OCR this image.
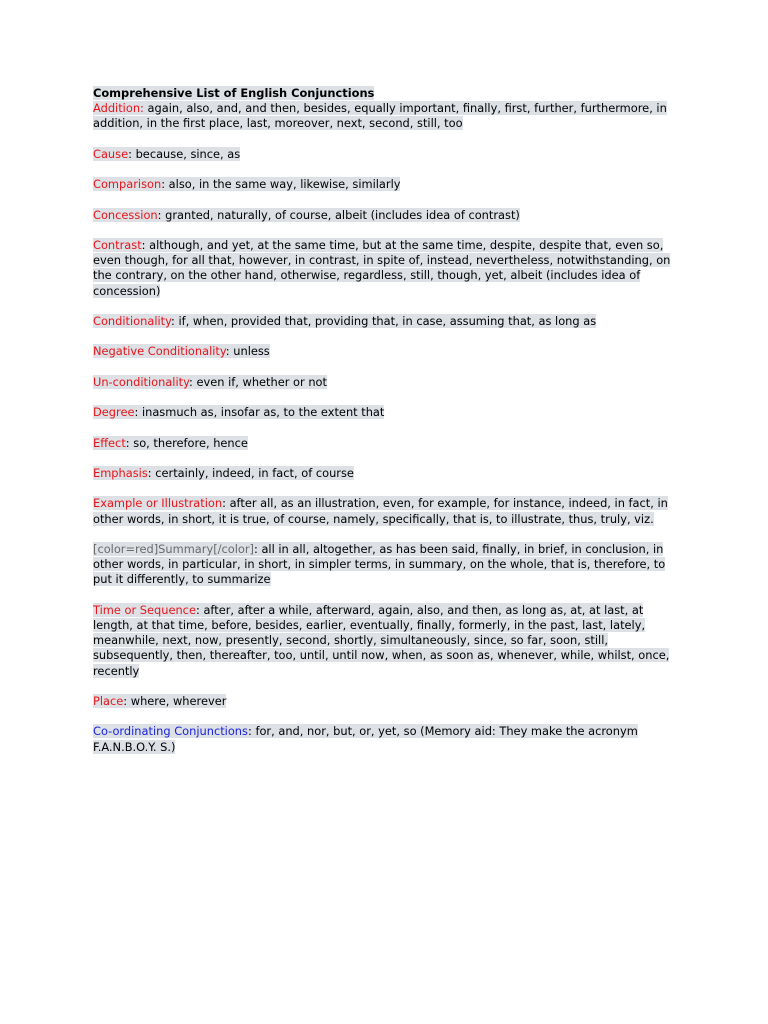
Comprehensive List of English Conjunctions

Addition: again, also, and, and then, besides, equally important, finally, first, further, furthermore, in addition, in the first place, last, moreover, next, second, still, too

Cause: because, since, as

Comparison: also, in the same way, likewise, similarly

Concession: granted, naturally, of course, albeit (includes idea of contrast)

Contrast: although, and yet, at the same time, but at the same time, despite, despite that, even so, even though, for all that, however, in contrast, in spite of, instead, nevertheless, notwithstanding, on the contrary, on the other hand, otherwise, regardless, still, though, yet, albeit (includes idea of concession)

Conditionality: if, when, provided that, providing that, in case, assuming that, as long as

Negative Conditionality: unless

Un-conditionality: even if, whether or not

Degree: inasmuch as, insofar as, to the extent that

Effect: so, therefore, hence

Emphasis: certainly, indeed, in fact, of course

Example or Illustration: after all, as an illustration, even, for example, for instance, indeed, in fact, in other words, in short, it is true, of course, namely, specifically, that is, to illustrate, thus, truly, viz.

[color=red]Summary[/color]: all in all, altogether, as has been said, finally, in brief, in conclusion, in other words, in particular, in short, in simpler terms, in summary, on the whole, that is, therefore, to put it differently, to summarize

Time or Sequence: after, after a while, afterward, again, also, and then, as long as, at, at last, at length, at that time, before, besides, earlier, eventually, finally, formerly, in the past, last, lately, meanwhile, next, now, presently, second, shortly, simultaneously, since, so far, soon, still, subsequently, then, thereafter, too, until, until now, when, as soon as, whenever, while, whilst, once, recently

Place: where, wherever

Co-ordinating Conjunctions: for, and, nor, but, or, yet, so (Memory aid: They make the acronym F.A.N.B.O.Y. S.)
